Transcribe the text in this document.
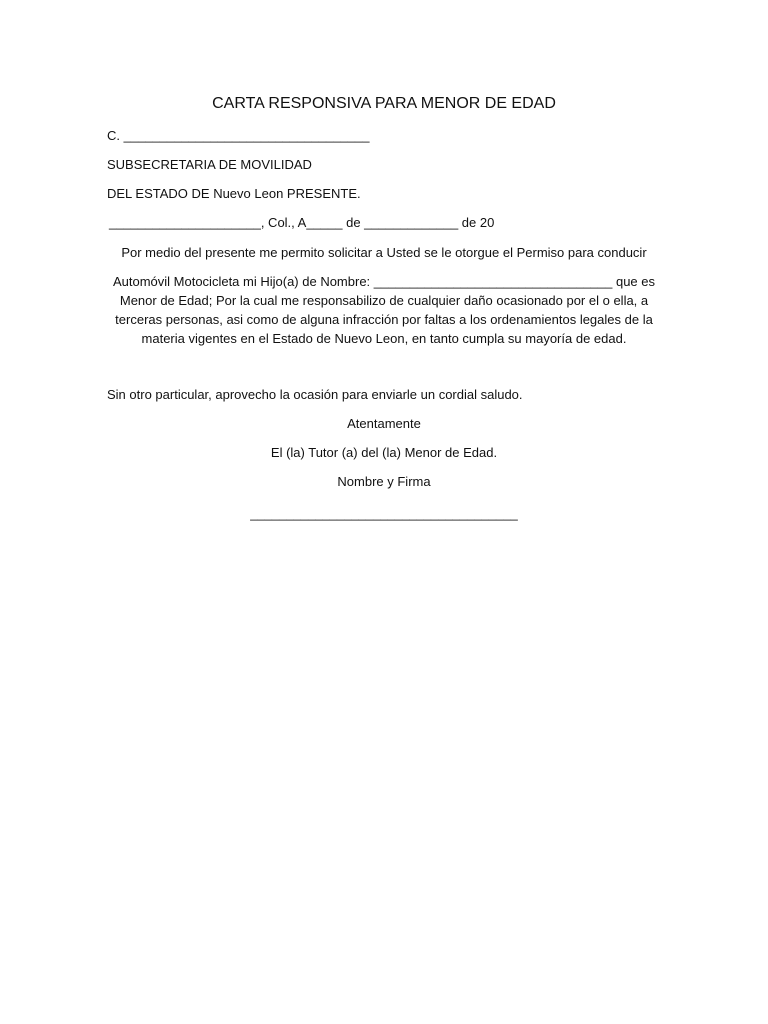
CARTA RESPONSIVA PARA MENOR DE EDAD
C. __________________________________
SUBSECRETARIA DE MOVILIDAD
DEL ESTADO DE Nuevo Leon PRESENTE.
_____________________, Col., A_____ de _____________ de 20
Por medio del presente me permito solicitar a Usted se le otorgue el Permiso para conducir
Automóvil Motocicleta mi Hijo(a) de Nombre: _________________________________ que es Menor de Edad; Por la cual me responsabilizo de cualquier daño ocasionado por el o ella, a terceras personas, asi como de alguna infracción por faltas a los ordenamientos legales de la materia vigentes en el Estado de Nuevo Leon, en tanto cumpla su mayoría de edad.
Sin otro particular, aprovecho la ocasión para enviarle un cordial saludo.
Atentamente
El (la) Tutor (a) del (la) Menor de Edad.
Nombre y Firma
_____________________________________
